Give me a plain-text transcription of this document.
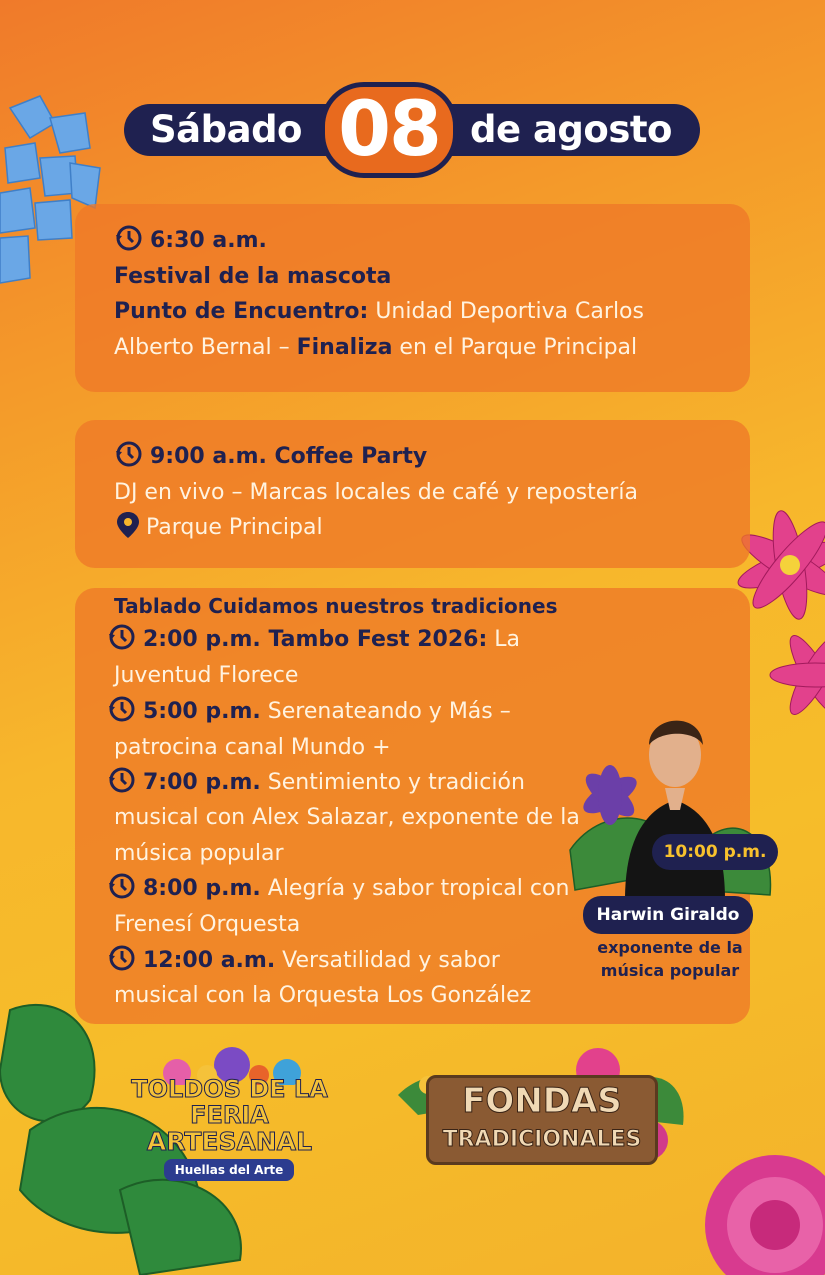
Sábado 08 de agosto
6:30 a.m.
Festival de la mascota
Punto de Encuentro: Unidad Deportiva Carlos
Alberto Bernal – Finaliza en el Parque Principal
9:00 a.m. Coffee Party
DJ en vivo – Marcas locales de café y repostería
Parque Principal
Tablado Cuidamos nuestros tradiciones
2:00 p.m. Tambo Fest 2026: La
Juventud Florece
5:00 p.m. Serenateando y Más –
patrocina canal Mundo +
7:00 p.m. Sentimiento y tradición
musical con Alex Salazar, exponente de la
música popular
8:00 p.m. Alegría y sabor tropical con
Frenesí Orquesta
12:00 a.m. Versatilidad y sabor
musical con la Orquesta Los González
10:00 p.m.
Harwin Giraldo
exponente de la
música popular
TOLDOS DE LA
FERIA
ARTESANAL
Huellas del Arte
FONDAS
TRADICIONALES
